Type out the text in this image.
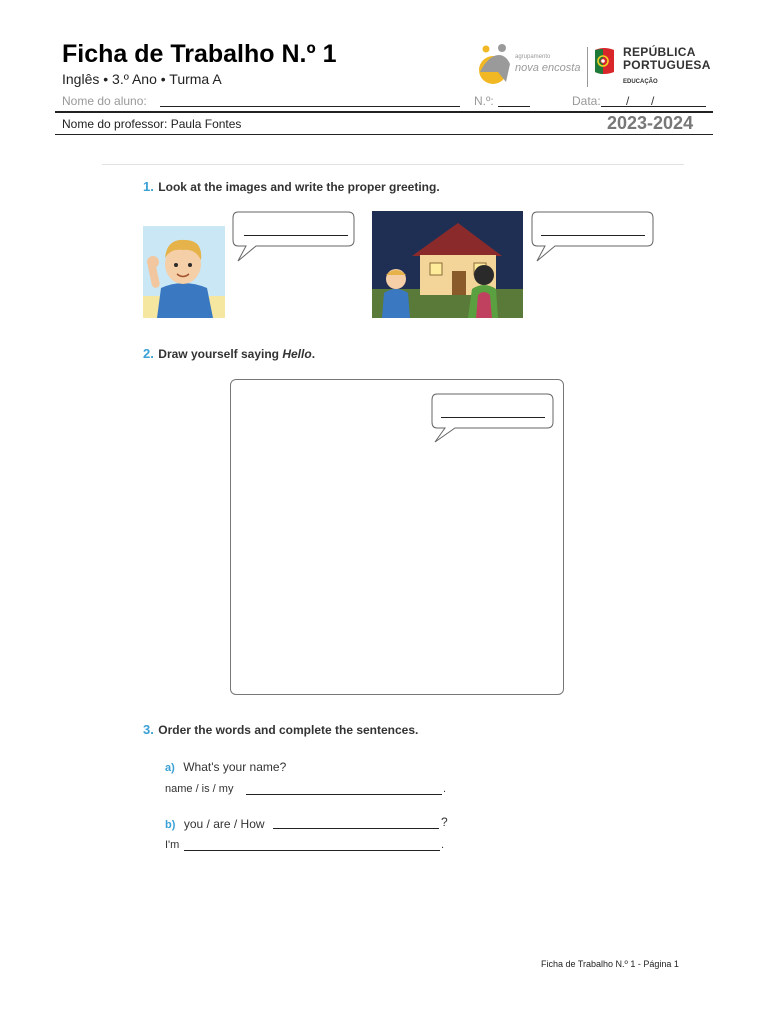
Ficha de Trabalho N.º 1
Inglês • 3.º Ano • Turma A
agrupamento
nova encosta
REPÚBLICA
PORTUGUESA
EDUCAÇÃO
Nome do aluno:	N.º:	Data: / /
Nome do professor: Paula Fontes	2023-2024
1. Look at the images and write the proper greeting.
2. Draw yourself saying Hello.
3. Order the words and complete the sentences.
a) What's your name?
name / is / my	.
b) you / are / How	?
I'm	.
Ficha de Trabalho N.º 1 - Página 1
